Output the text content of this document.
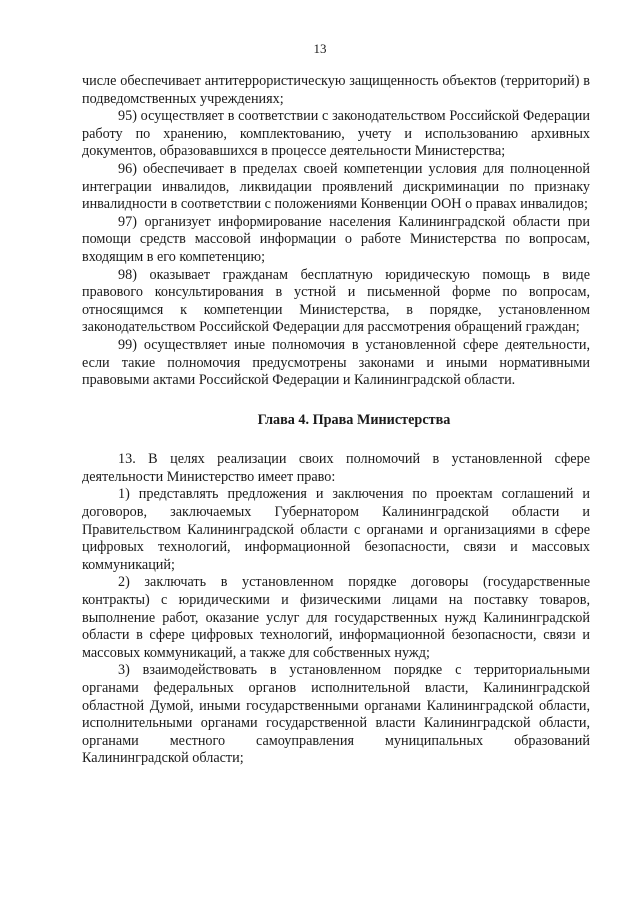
13

числе обеспечивает антитеррористическую защищенность объектов (территорий) в подведомственных учреждениях;

95) осуществляет в соответствии с законодательством Российской Федерации работу по хранению, комплектованию, учету и использованию архивных документов, образовавшихся в процессе деятельности Министерства;

96) обеспечивает в пределах своей компетенции условия для полноценной интеграции инвалидов, ликвидации проявлений дискриминации по признаку инвалидности в соответствии с положениями Конвенции ООН о правах инвалидов;

97) организует информирование населения Калининградской области при помощи средств массовой информации о работе Министерства по вопросам, входящим в его компетенцию;

98) оказывает гражданам бесплатную юридическую помощь в виде правового консультирования в устной и письменной форме по вопросам, относящимся к компетенции Министерства, в порядке, установленном законодательством Российской Федерации для рассмотрения обращений граждан;

99) осуществляет иные полномочия в установленной сфере деятельности, если такие полномочия предусмотрены законами и иными нормативными правовыми актами Российской Федерации и Калининградской области.

Глава 4. Права Министерства

13. В целях реализации своих полномочий в установленной сфере деятельности Министерство имеет право:

1) представлять предложения и заключения по проектам соглашений и договоров, заключаемых Губернатором Калининградской области и Правительством Калининградской области с органами и организациями в сфере цифровых технологий, информационной безопасности, связи и массовых коммуникаций;

2) заключать в установленном порядке договоры (государственные контракты) с юридическими и физическими лицами на поставку товаров, выполнение работ, оказание услуг для государственных нужд Калининградской области в сфере цифровых технологий, информационной безопасности, связи и массовых коммуникаций, а также для собственных нужд;

3) взаимодействовать в установленном порядке с территориальными органами федеральных органов исполнительной власти, Калининградской областной Думой, иными государственными органами Калининградской области, исполнительными органами государственной власти Калининградской области, органами местного самоуправления муниципальных образований Калининградской области;
